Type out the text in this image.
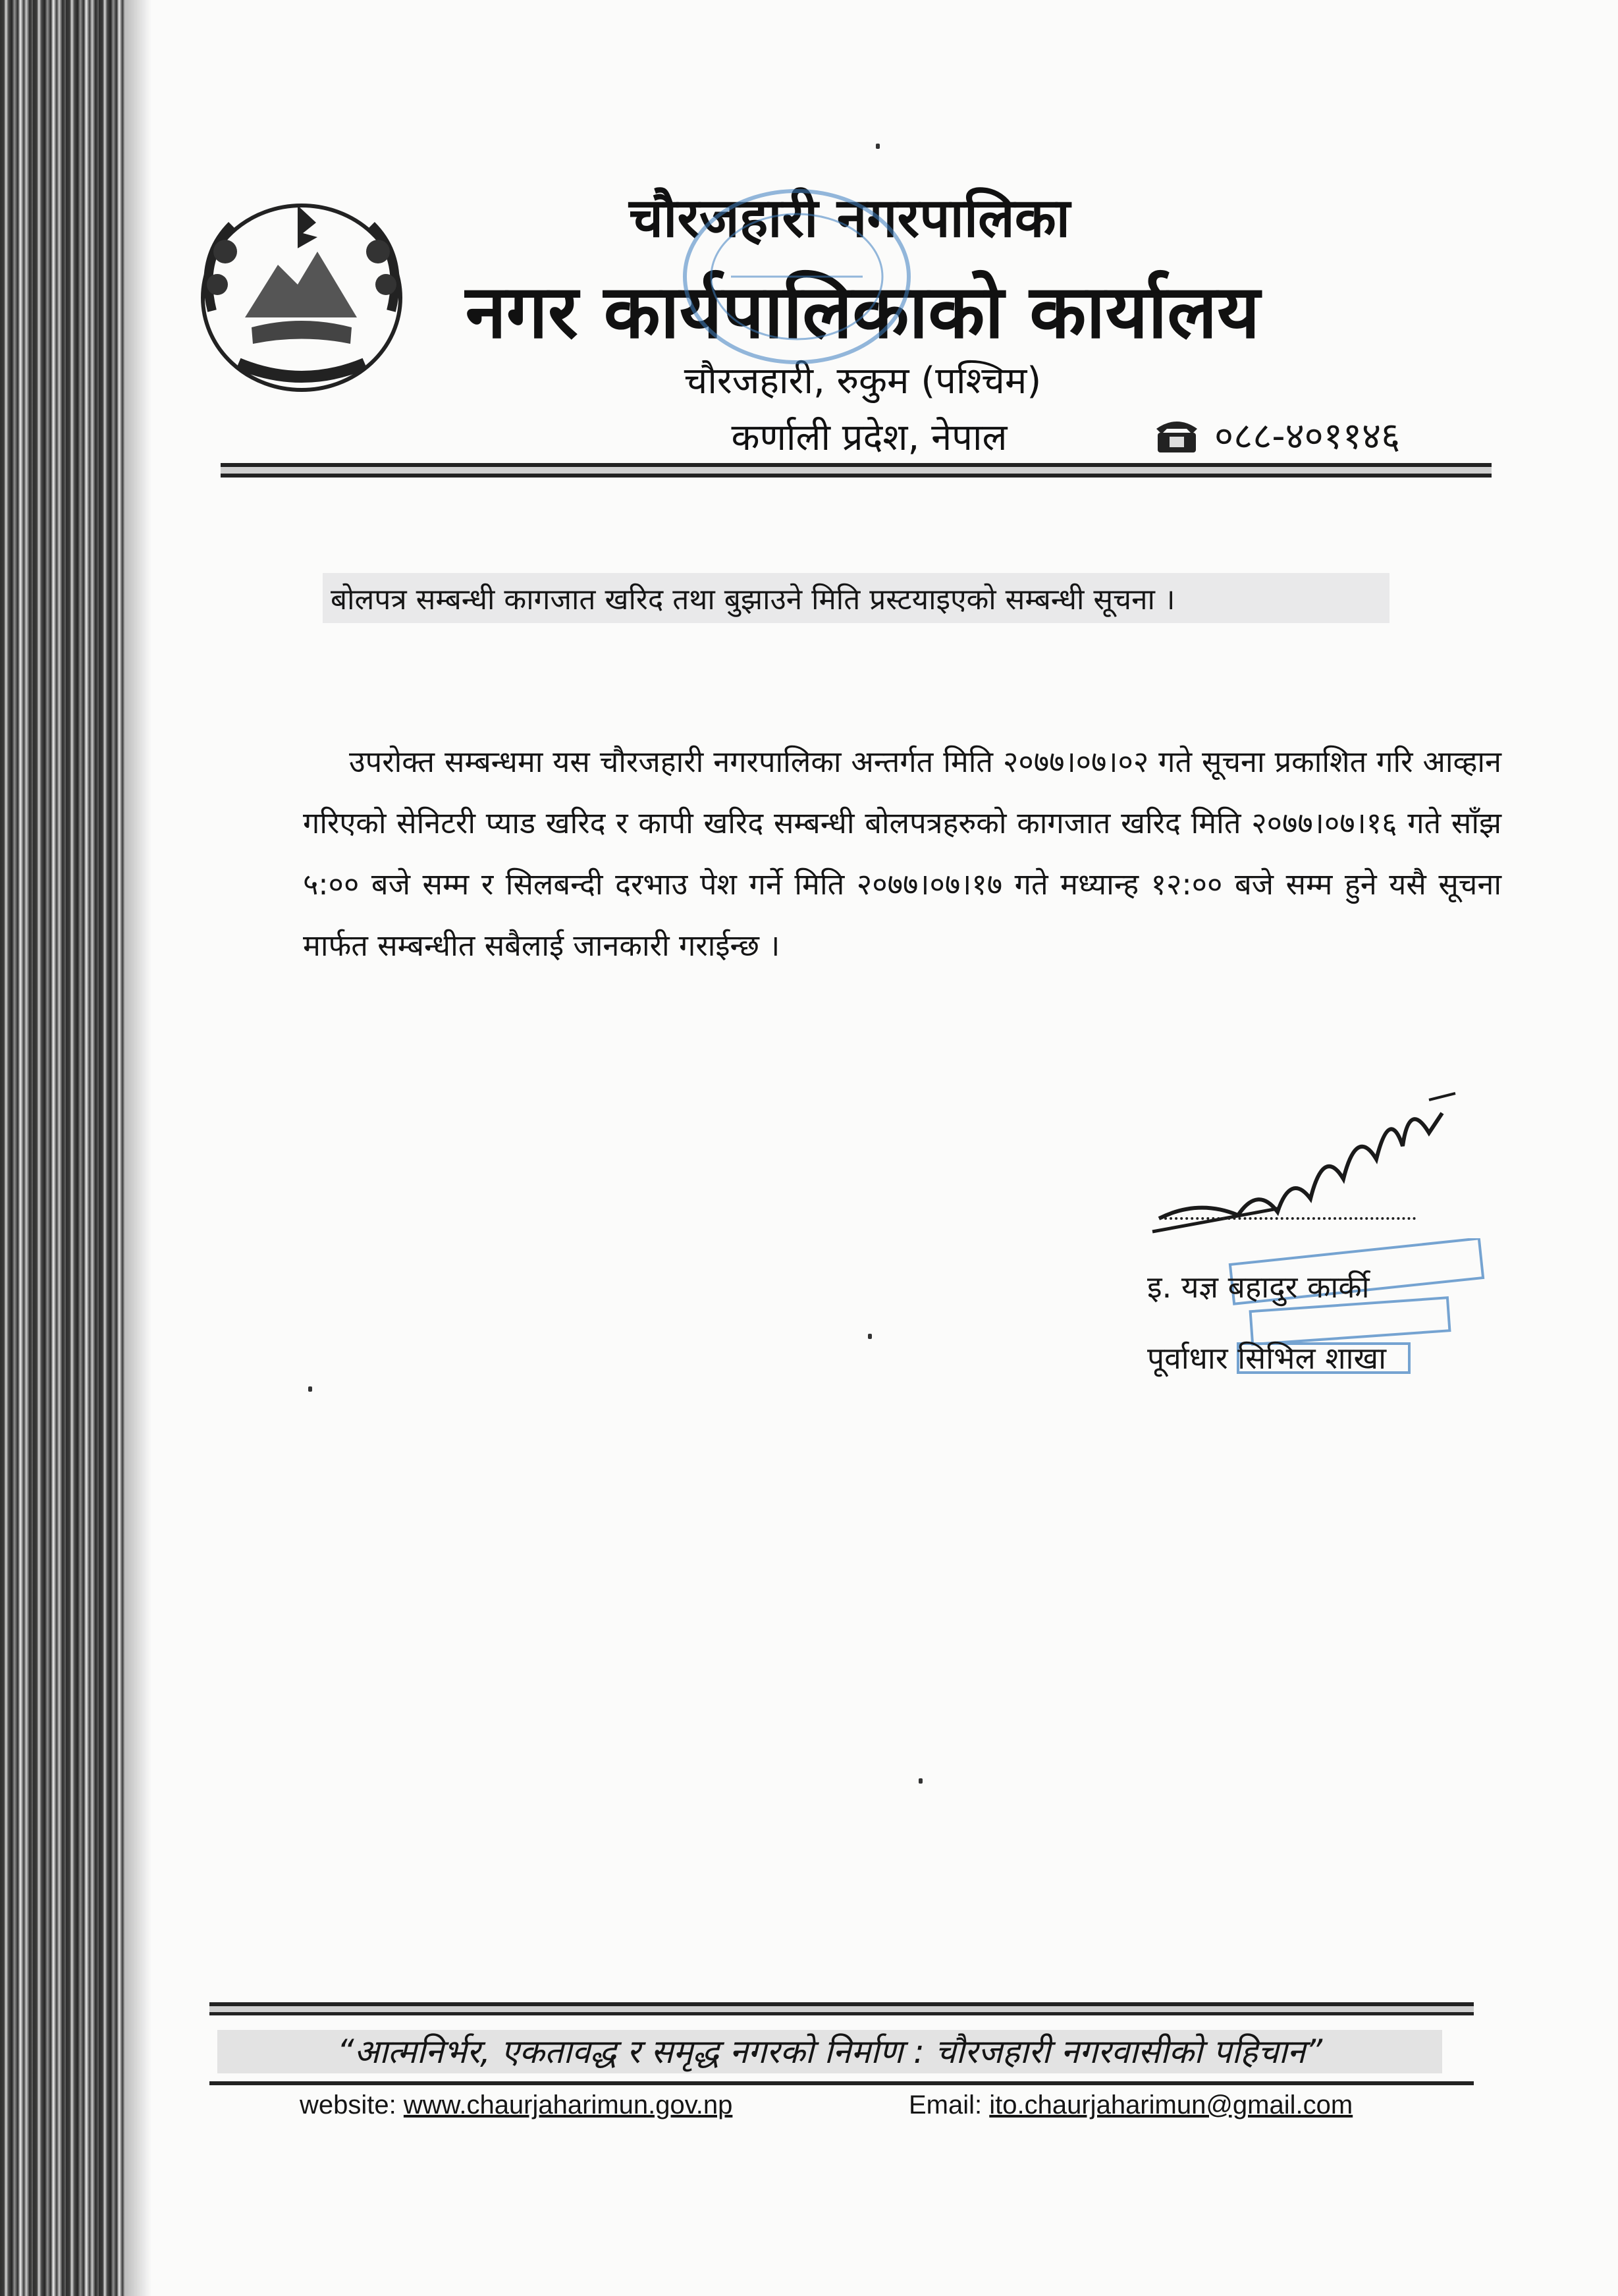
चौरजहारी नगरपालिका
नगर कार्यपालिकाको कार्यालय
चौरजहारी, रुकुम (पश्चिम)
कर्णाली प्रदेश, नेपाल	०८८-४०११४६
बोलपत्र सम्बन्धी कागजात खरिद तथा बुझाउने मिति प्रस्टयाइएको सम्बन्धी सूचना ।
उपरोक्त सम्बन्धमा यस चौरजहारी नगरपालिका अन्तर्गत मिति २०७७।०७।०२ गते सूचना प्रकाशित गरि आव्हान गरिएको सेनिटरी प्याड खरिद र कापी खरिद सम्बन्धी बोलपत्रहरुको कागजात खरिद मिति २०७७।०७।१६ गते साँझ ५:०० बजे सम्म र सिलबन्दी दरभाउ पेश गर्ने मिति २०७७।०७।१७ गते मध्यान्ह १२:०० बजे सम्म हुने यसै सूचना मार्फत सम्बन्धीत सबैलाई जानकारी गराईन्छ ।
इ. यज्ञ बहादुर कार्की
पूर्वाधार सिभिल शाखा
“आत्मनिर्भर, एकतावद्ध र समृद्ध नगरको निर्माण : चौरजहारी नगरवासीको पहिचान”
website: www.chaurjaharimun.gov.np	Email: ito.chaurjaharimun@gmail.com
